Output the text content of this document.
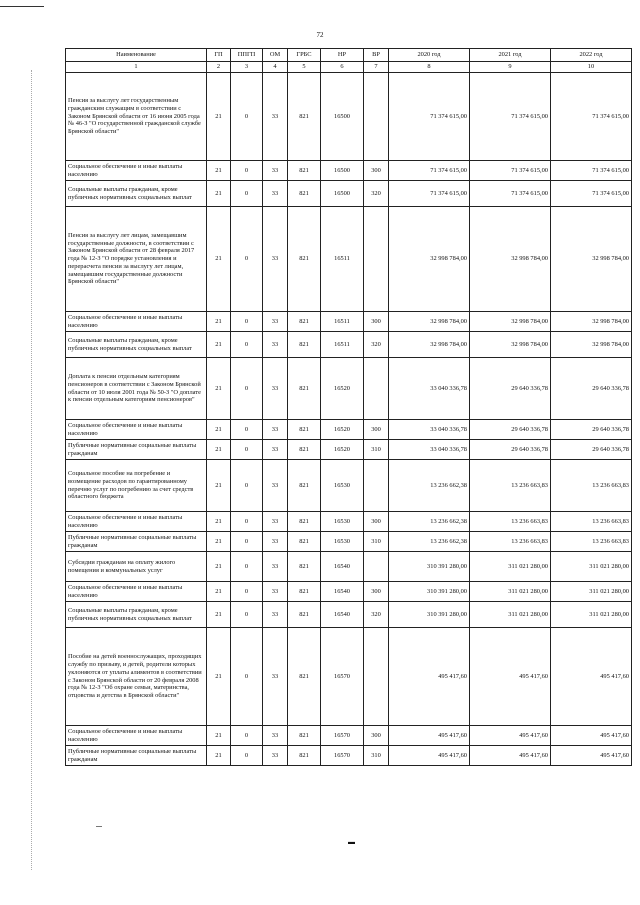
72
Наименование	ГП	ППГП	ОМ	ГРБС	НР	ВР	2020 год	2021 год	2022 год
1	2	3	4	5	6	7	8	9	10
Пенсия за выслугу лет государственным гражданским служащим в соответствии с Законом Брянской области от 16 июня 2005 года № 46-З "О государственной гражданской службе Брянской области"	21	0	33	821	16500		71 374 615,00	71 374 615,00	71 374 615,00
Социальное обеспечение и иные выплаты населению	21	0	33	821	16500	300	71 374 615,00	71 374 615,00	71 374 615,00
Социальные выплаты гражданам, кроме публичных нормативных социальных выплат	21	0	33	821	16500	320	71 374 615,00	71 374 615,00	71 374 615,00
Пенсия за выслугу лет лицам, замещавшим государственные должности, в соответствии с Законом Брянской области от 28 февраля 2017 года № 12-З "О порядке установления и перерасчета пенсии за выслугу лет лицам, замещавшим государственные должности Брянской области"	21	0	33	821	16511		32 998 784,00	32 998 784,00	32 998 784,00
Социальное обеспечение и иные выплаты населению	21	0	33	821	16511	300	32 998 784,00	32 998 784,00	32 998 784,00
Социальные выплаты гражданам, кроме публичных нормативных социальных выплат	21	0	33	821	16511	320	32 998 784,00	32 998 784,00	32 998 784,00
Доплата к пенсии отдельным категориям пенсионеров в соответствии с Законом Брянской области от 10 июля 2001 года № 50-З "О доплате к пенсии отдельным категориям пенсионеров"	21	0	33	821	16520		33 040 336,78	29 640 336,78	29 640 336,78
Социальное обеспечение и иные выплаты населению	21	0	33	821	16520	300	33 040 336,78	29 640 336,78	29 640 336,78
Публичные нормативные социальные выплаты гражданам	21	0	33	821	16520	310	33 040 336,78	29 640 336,78	29 640 336,78
Социальное пособие на погребение и возмещение расходов по гарантированному перечню услуг по погребению за счет средств областного бюджета	21	0	33	821	16530		13 236 662,38	13 236 663,83	13 236 663,83
Социальное обеспечение и иные выплаты населению	21	0	33	821	16530	300	13 236 662,38	13 236 663,83	13 236 663,83
Публичные нормативные социальные выплаты гражданам	21	0	33	821	16530	310	13 236 662,38	13 236 663,83	13 236 663,83
Субсидии гражданам на оплату жилого помещения и коммунальных услуг	21	0	33	821	16540		310 391 280,00	311 021 280,00	311 021 280,00
Социальное обеспечение и иные выплаты населению	21	0	33	821	16540	300	310 391 280,00	311 021 280,00	311 021 280,00
Социальные выплаты гражданам, кроме публичных нормативных социальных выплат	21	0	33	821	16540	320	310 391 280,00	311 021 280,00	311 021 280,00
Пособие на детей военнослужащих, проходящих службу по призыву, и детей, родители которых уклоняются от уплаты алиментов в соответствии с Законом Брянской области от 20 февраля 2008 года № 12-З "Об охране семьи, материнства, отцовства и детства в Брянской области"	21	0	33	821	16570		495 417,60	495 417,60	495 417,60
Социальное обеспечение и иные выплаты населению	21	0	33	821	16570	300	495 417,60	495 417,60	495 417,60
Публичные нормативные социальные выплаты гражданам	21	0	33	821	16570	310	495 417,60	495 417,60	495 417,60
▬
